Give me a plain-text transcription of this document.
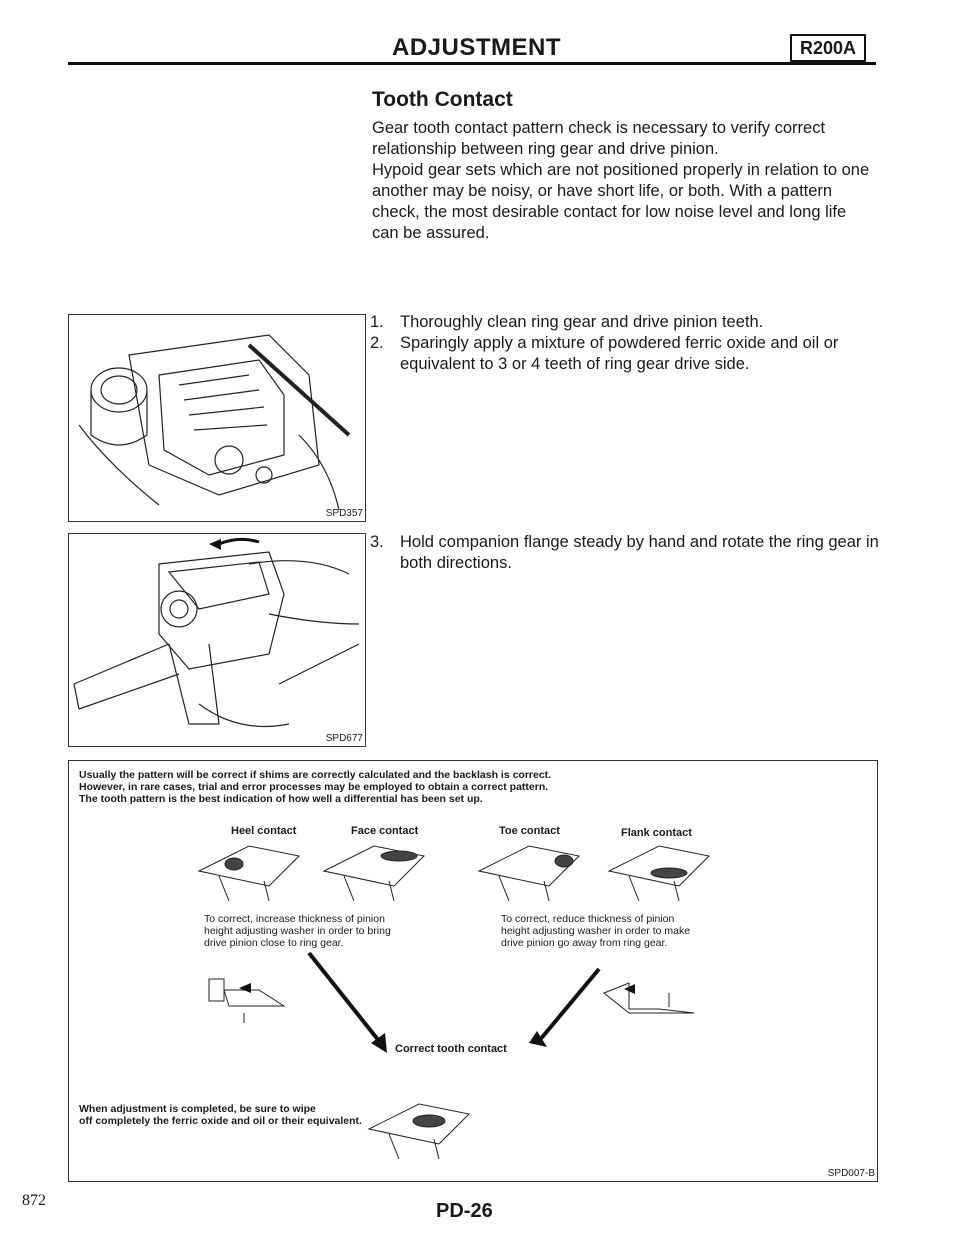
ADJUSTMENT	R200A
Tooth Contact
Gear tooth contact pattern check is necessary to verify correct relationship between ring gear and drive pinion.
Hypoid gear sets which are not positioned properly in relation to one another may be noisy, or have short life, or both. With a pattern check, the most desirable contact for low noise level and long life can be assured.
1. Thoroughly clean ring gear and drive pinion teeth.
2. Sparingly apply a mixture of powdered ferric oxide and oil or equivalent to 3 or 4 teeth of ring gear drive side.
3. Hold companion flange steady by hand and rotate the ring gear in both directions.
SPD357
SPD677
Usually the pattern will be correct if shims are correctly calculated and the backlash is correct.
However, in rare cases, trial and error processes may be employed to obtain a correct pattern.
The tooth pattern is the best indication of how well a differential has been set up.
Heel contact	Face contact	Toe contact	Flank contact
To correct, increase thickness of pinion
height adjusting washer in order to bring
drive pinion close to ring gear.
To correct, reduce thickness of pinion
height adjusting washer in order to make
drive pinion go away from ring gear.
Correct tooth contact
When adjustment is completed, be sure to wipe
off completely the ferric oxide and oil or their equivalent.
SPD007-B
872	PD-26
